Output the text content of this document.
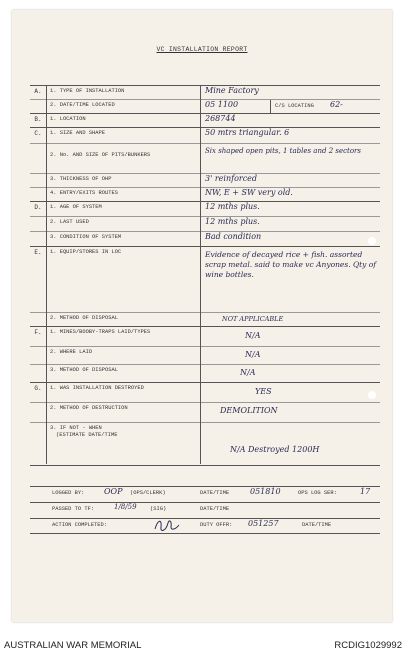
VC INSTALLATION REPORT
A.	1. TYPE OF INSTALLATION	Mine Factory
2. DATE/TIME LOCATED	05 1100	C/S LOCATING 62-
B.	1. LOCATION	268744
C.	1. SIZE AND SHAPE	50 mtrs triangular. 6
2. No. AND SIZE OF PITS/BUNKERS	Six shaped open pits, 1 tables and 2 sectors
3. THICKNESS OF OHP	3' reinforced
4. ENTRY/EXITS ROUTES	NW, E + SW very old.
D.	1. AGE OF SYSTEM	12 mths plus.
2. LAST USED	12 mths plus.
3. CONDITION OF SYSTEM	Bad condition
E.	1. EQUIP/STORES IN LOC	Evidence of decayed rice + fish. assorted scrap metal. said to make vc Anyones. Qty of wine bottles.
2. METHOD OF DISPOSAL	NOT APPLICABLE
F.	1. MINES/BOOBY-TRAPS LAID/TYPES	N/A
2. WHERE LAID	N/A
3. METHOD OF DISPOSAL	N/A
G.	1. WAS INSTALLATION DESTROYED	YES
2. METHOD OF DESTRUCTION	DEMOLITION
3. IF NOT - WHEN
(ESTIMATE DATE/TIME
N/A Destroyed 1200H
LOGGED BY: OOP (OPS/CLERK)	DATE/TIME	051810	OPS LOG SER:	17
PASSED TO TF:	1/8/59 (SIG)	DATE/TIME
ACTION COMPLETED:	DUTY OFFR: 051257	DATE/TIME
AUSTRALIAN WAR MEMORIAL	RCDIG1029992
